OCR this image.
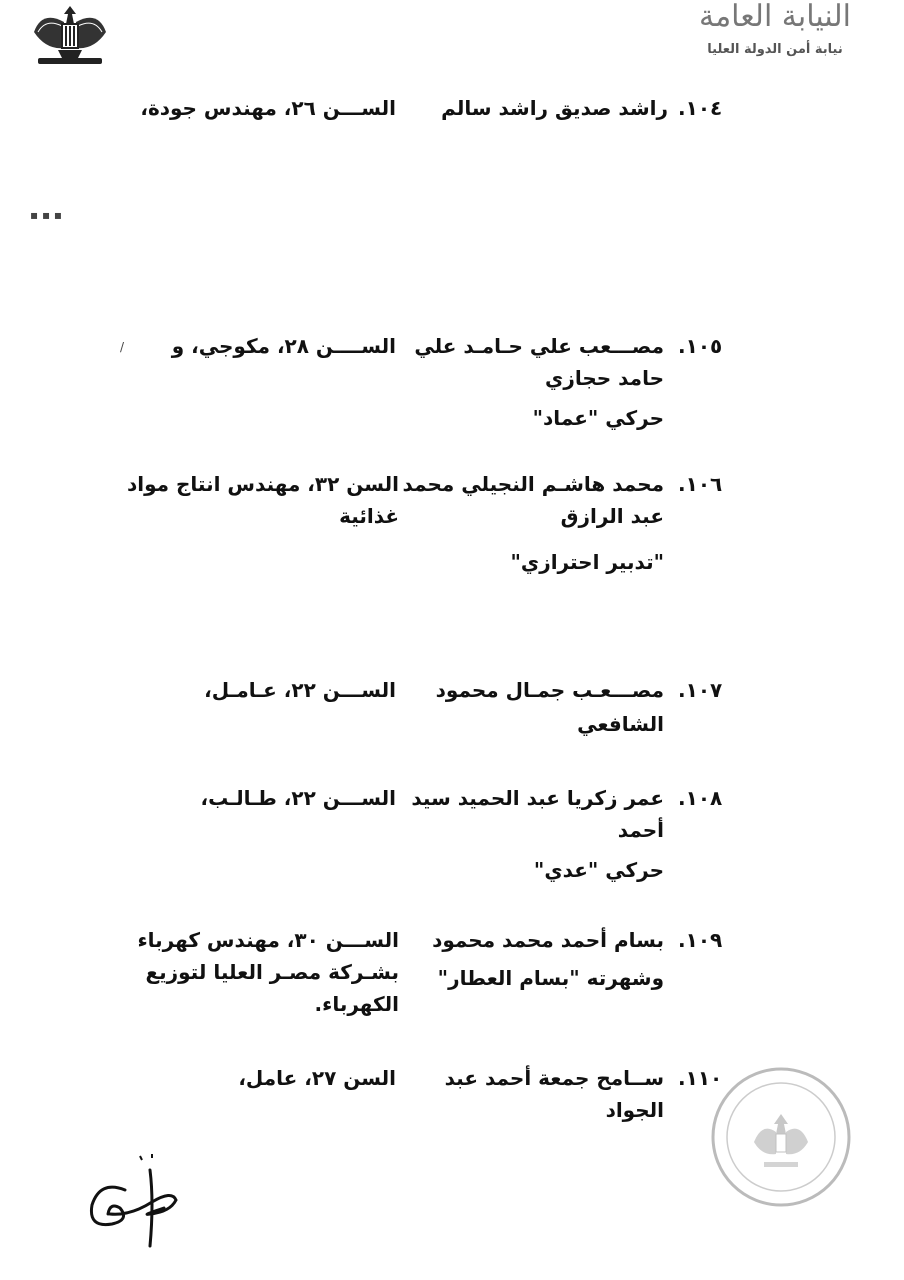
النيابة العامة
نيابة أمن الدولة العليا
١٠٤.
راشد صديق راشد سالم
الســـن ٢٦، مهندس جودة،
١٠٥.
مصـــعب علي حـامـد علي
حامد حجازي
الســــن ٢٨، مكوجي، و
حركي "عماد"
١٠٦.
محمد هاشـم النجيلي محمد
عبد الرازق
السن ٣٢، مهندس انتاج مواد
غذائية
"تدبير احترازي"
١٠٧.
مصـــعـب جمـال محمود
الشافعي
الســـن ٢٢، عـامـل،
١٠٨.
عمر زكريا عبد الحميد سيد
أحمد
الســـن ٢٢، طـالـب،
حركي "عدي"
١٠٩.
بسام أحمد محمد محمود
وشهرته "بسام العطار"
الســـن ٣٠، مهندس كهرباء
بشـركة مصـر العليا لتوزيع
الكهرباء.
١١٠.
ســامح جمعة أحمد عبد
الجواد
السن ٢٧، عامل،
▪ ▪ ▪
/
